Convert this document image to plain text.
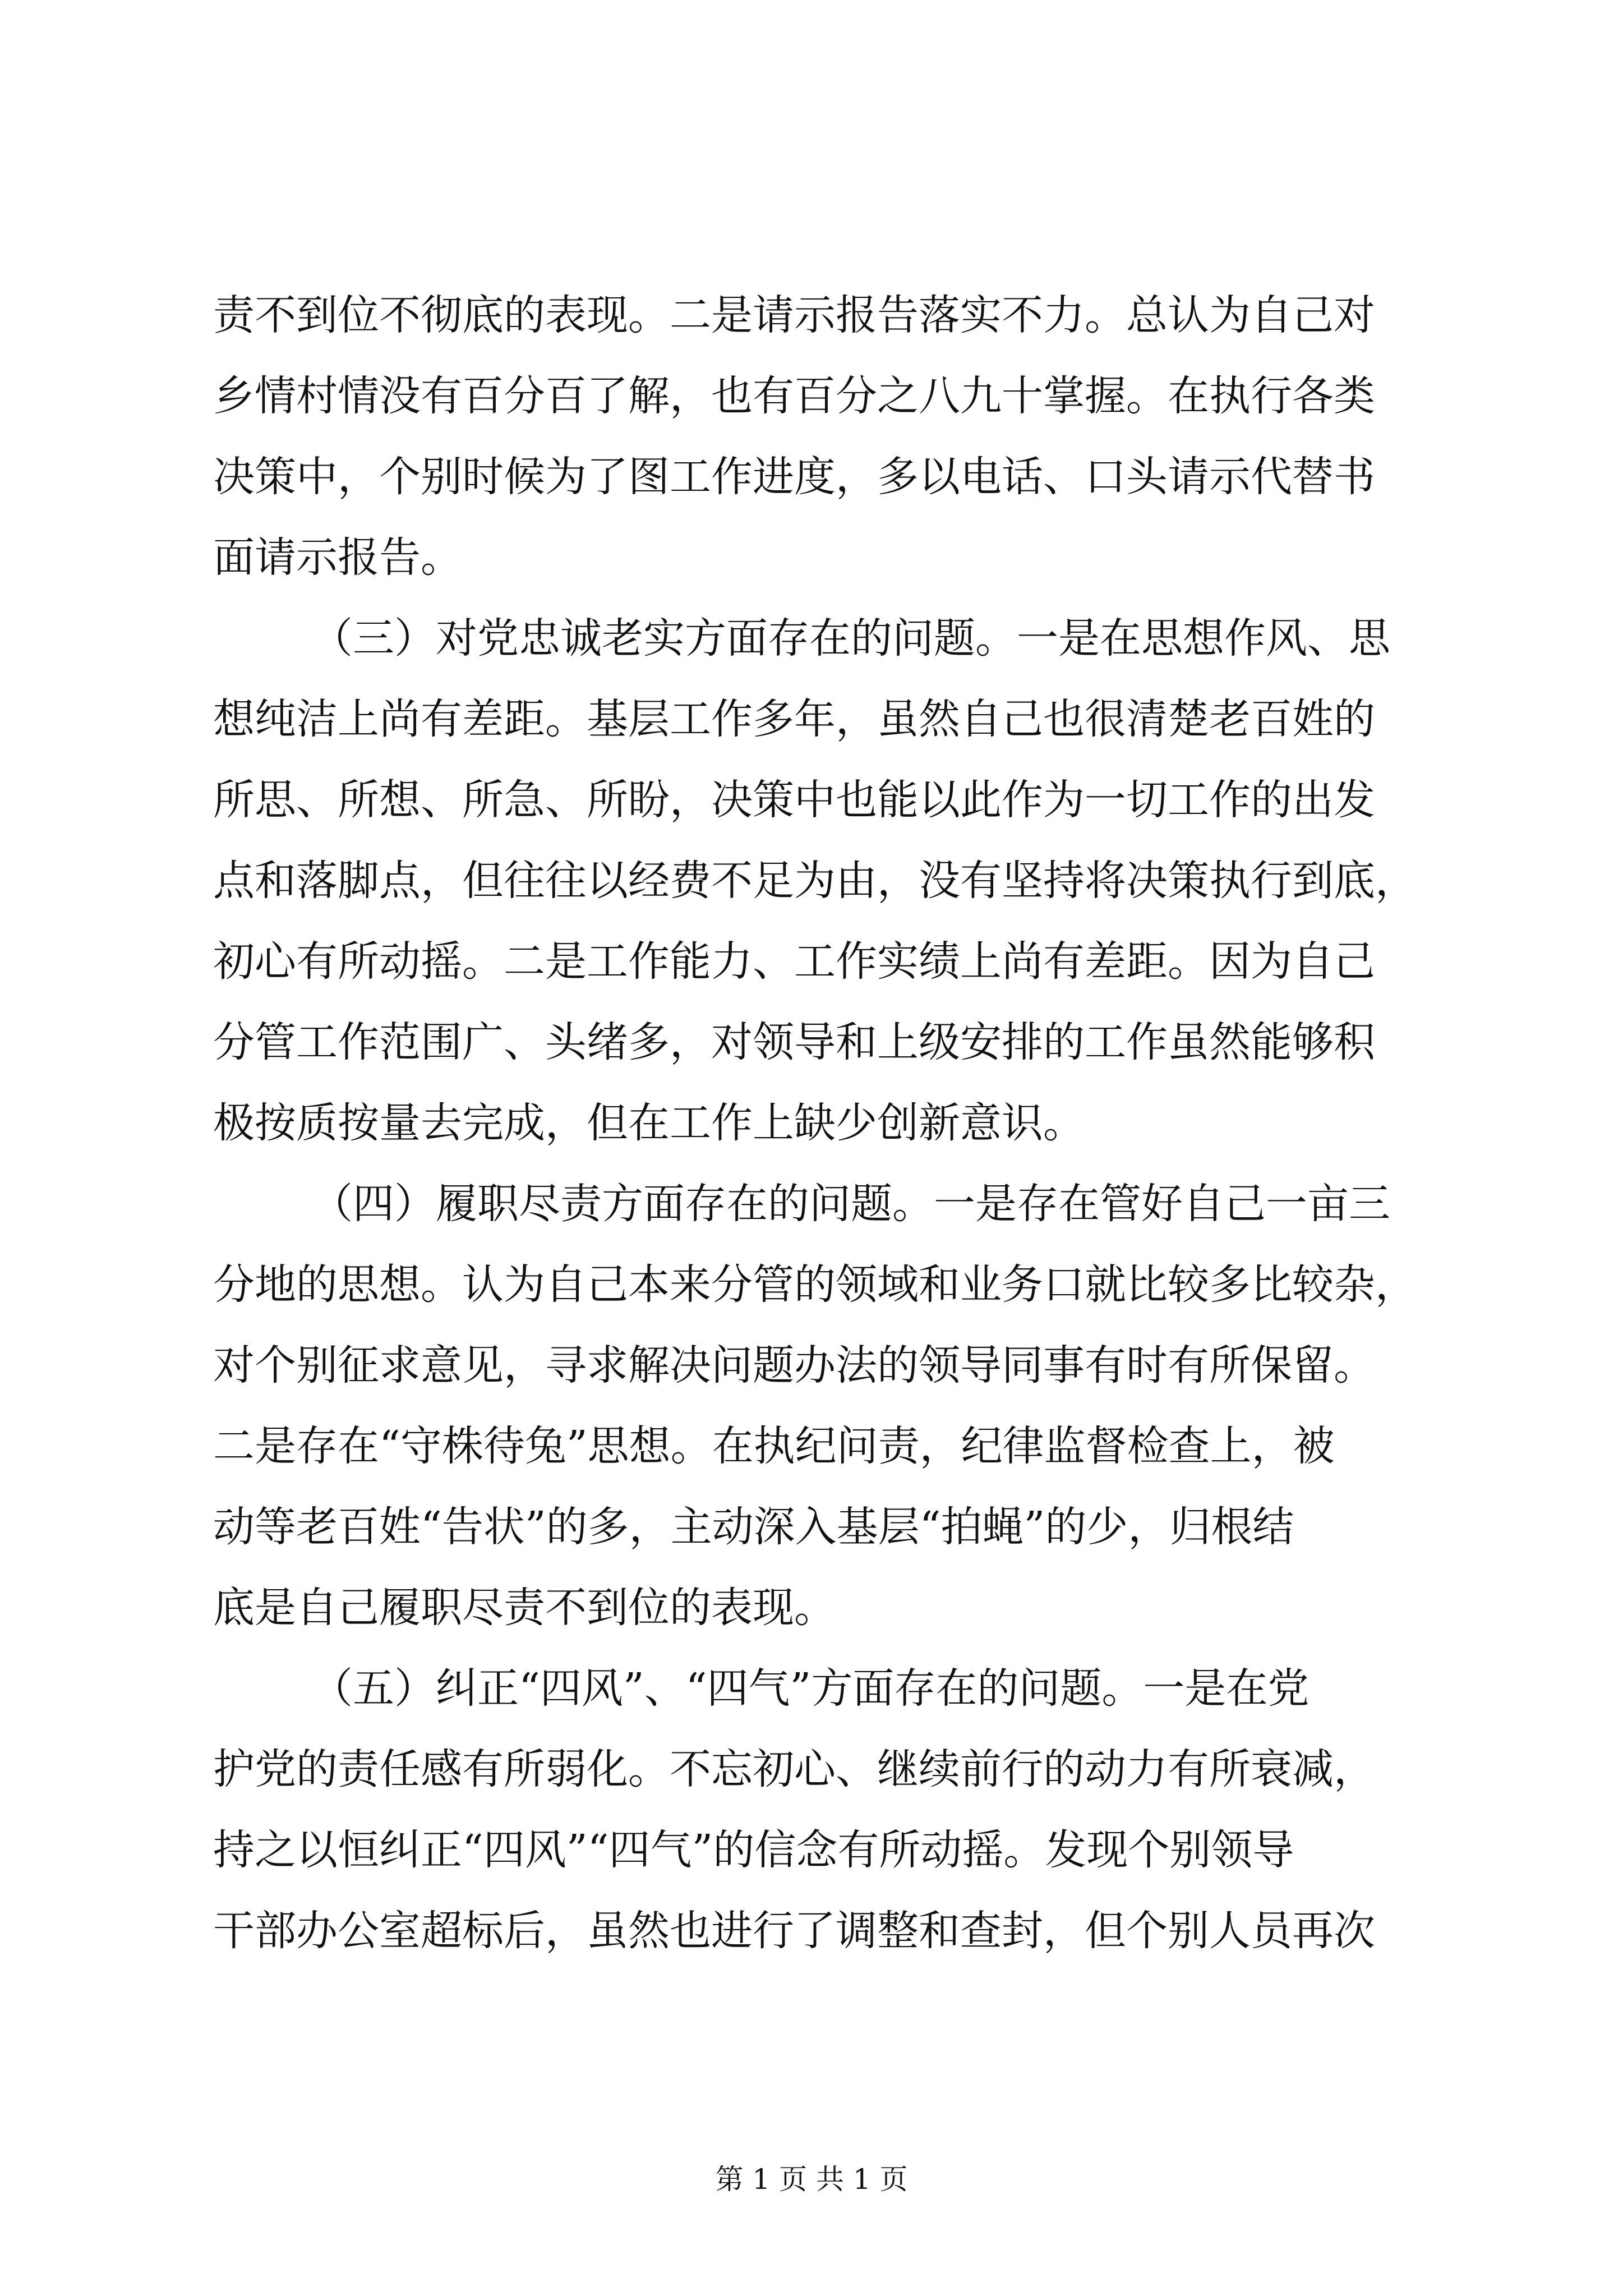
责不到位不彻底的表现。二是请示报告落实不力。总认为自己对
乡情村情没有百分百了解，也有百分之八九十掌握。在执行各类
决策中，个别时候为了图工作进度，多以电话、口头请示代替书
面请示报告。
（三）对党忠诚老实方面存在的问题。一是在思想作风、思
想纯洁上尚有差距。基层工作多年，虽然自己也很清楚老百姓的
所思、所想、所急、所盼，决策中也能以此作为一切工作的出发
点和落脚点，但往往以经费不足为由，没有坚持将决策执行到底，
初心有所动摇。二是工作能力、工作实绩上尚有差距。因为自己
分管工作范围广、头绪多，对领导和上级安排的工作虽然能够积
极按质按量去完成，但在工作上缺少创新意识。
（四）履职尽责方面存在的问题。一是存在管好自己一亩三
分地的思想。认为自己本来分管的领域和业务口就比较多比较杂，
对个别征求意见，寻求解决问题办法的领导同事有时有所保留。
二是存在“守株待兔”思想。在执纪问责，纪律监督检查上，被
动等老百姓“告状”的多，主动深入基层“拍蝇”的少，归根结
底是自己履职尽责不到位的表现。
（五）纠正“四风”、“四气”方面存在的问题。一是在党
护党的责任感有所弱化。不忘初心、继续前行的动力有所衰减，
持之以恒纠正“四风”“四气”的信念有所动摇。发现个别领导
干部办公室超标后，虽然也进行了调整和查封，但个别人员再次
第 1 页 共 1 页
